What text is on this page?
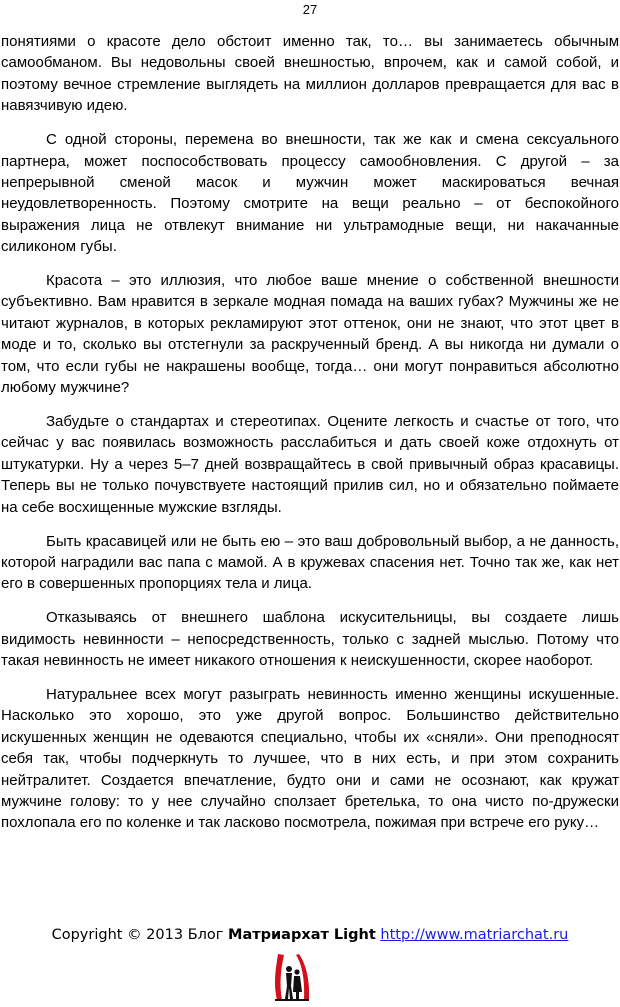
27

понятиями о красоте дело обстоит именно так, то… вы занимаетесь обычным самообманом. Вы недовольны своей внешностью, впрочем, как и самой собой, и поэтому вечное стремление выглядеть на миллион долларов превращается для вас в навязчивую идею.

С одной стороны, перемена во внешности, так же как и смена сексуального партнера, может поспособствовать процессу самообновления. С другой – за непрерывной сменой масок и мужчин может маскироваться вечная неудовлетворенность. Поэтому смотрите на вещи реально – от беспокойного выражения лица не отвлекут внимание ни ультрамодные вещи, ни накачанные силиконом губы.

Красота – это иллюзия, что любое ваше мнение о собственной внешности субъективно. Вам нравится в зеркале модная помада на ваших губах? Мужчины же не читают журналов, в которых рекламируют этот оттенок, они не знают, что этот цвет в моде и то, сколько вы отстегнули за раскрученный бренд. А вы никогда ни думали о том, что если губы не накрашены вообще, тогда… они могут понравиться абсолютно любому мужчине?

Забудьте о стандартах и стереотипах. Оцените легкость и счастье от того, что сейчас у вас появилась возможность расслабиться и дать своей коже отдохнуть от штукатурки. Ну а через 5–7 дней возвращайтесь в свой привычный образ красавицы. Теперь вы не только почувствуете настоящий прилив сил, но и обязательно поймаете на себе восхищенные мужские взгляды.

Быть красавицей или не быть ею – это ваш добровольный выбор, а не данность, которой наградили вас папа с мамой. А в кружевах спасения нет. Точно так же, как нет его в совершенных пропорциях тела и лица.

Отказываясь от внешнего шаблона искусительницы, вы создаете лишь видимость невинности – непосредственность, только с задней мыслью. Потому что такая невинность не имеет никакого отношения к неискушенности, скорее наоборот.

Натуральнее всех могут разыграть невинность именно женщины искушенные. Насколько это хорошо, это уже другой вопрос. Большинство действительно искушенных женщин не одеваются специально, чтобы их «сняли». Они преподносят себя так, чтобы подчеркнуть то лучшее, что в них есть, и при этом сохранить нейтралитет. Создается впечатление, будто они и сами не осознают, как кружат мужчине голову: то у нее случайно сползает бретелька, то она чисто по-дружески похлопала его по коленке и так ласково посмотрела, пожимая при встрече его руку…

Copyright © 2013 Блог Матриархат Light http://www.matriarchat.ru
